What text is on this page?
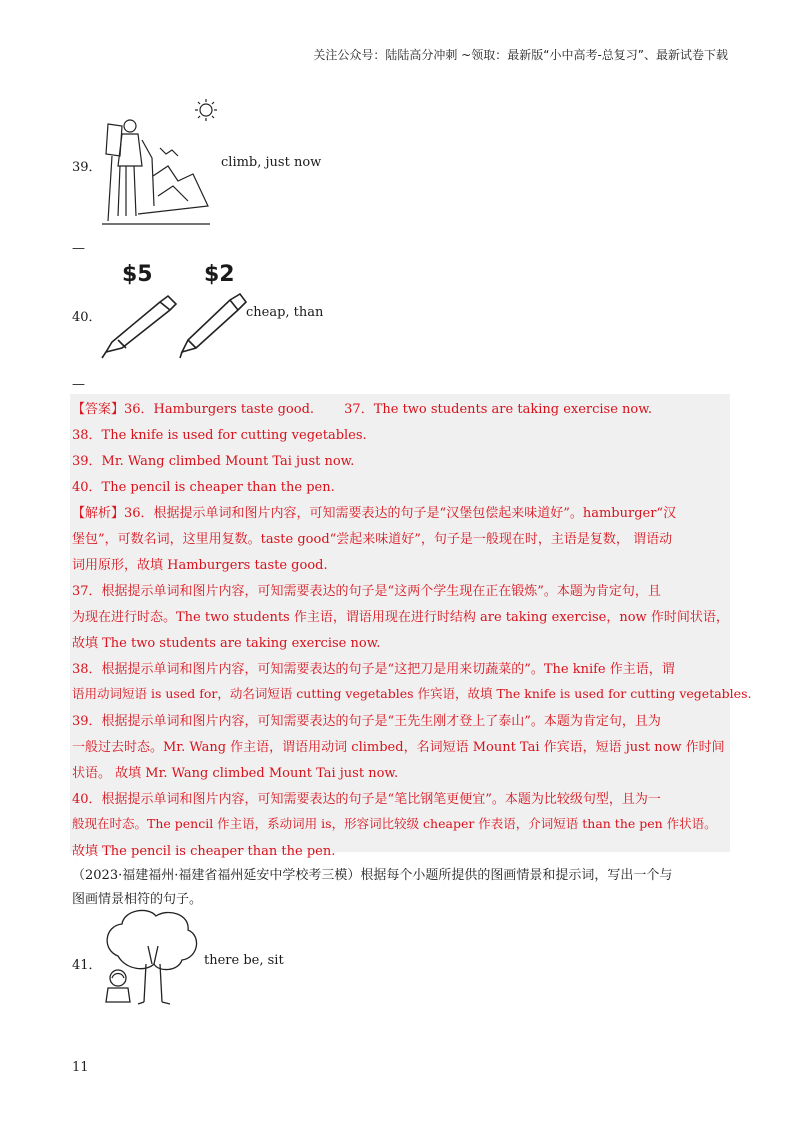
关注公众号：陆陆高分冲刺 ~领取：最新版“小中高考-总复习”、最新试卷下载
39．	climb, just now
—
$5 $2
40．	cheap, than
—
【答案】36．Hamburgers taste good.　　 37．The two students are taking exercise now.
38．The knife is used for cutting vegetables.
39．Mr. Wang climbed Mount Tai just now.
40．The pencil is cheaper than the pen.
【解析】36．根据提示单词和图片内容，可知需要表达的句子是“汉堡包偿起来味道好”。hamburger“汉
堡包”，可数名词，这里用复数。taste good“尝起来味道好”，句子是一般现在时，主语是复数， 谓语动
词用原形，故填 Hamburgers taste good.
37．根据提示单词和图片内容，可知需要表达的句子是“这两个学生现在正在锻炼”。本题为肯定句，且
为现在进行时态。The two students 作主语，谓语用现在进行时结构 are taking exercise，now 作时间状语，
故填 The two students are taking exercise now.
38．根据提示单词和图片内容，可知需要表达的句子是“这把刀是用来切蔬菜的”。The knife 作主语，谓
语用动词短语 is used for，动名词短语 cutting vegetables 作宾语，故填 The knife is used for cutting vegetables.
39．根据提示单词和图片内容，可知需要表达的句子是“王先生刚才登上了泰山”。本题为肯定句，且为
一般过去时态。Mr. Wang 作主语，谓语用动词 climbed，名词短语 Mount Tai 作宾语，短语 just now 作时间
状语。 故填 Mr. Wang climbed Mount Tai just now.
40．根据提示单词和图片内容，可知需要表达的句子是“笔比钢笔更便宜”。本题为比较级句型，且为一
般现在时态。The pencil 作主语，系动词用 is，形容词比较级 cheaper 作表语，介词短语 than the pen 作状语。
故填 The pencil is cheaper than the pen.
（2023·福建福州·福建省福州延安中学校考三模）根据每个小题所提供的图画情景和提示词，写出一个与
图画情景相符的句子。
41．	there be, sit
11
